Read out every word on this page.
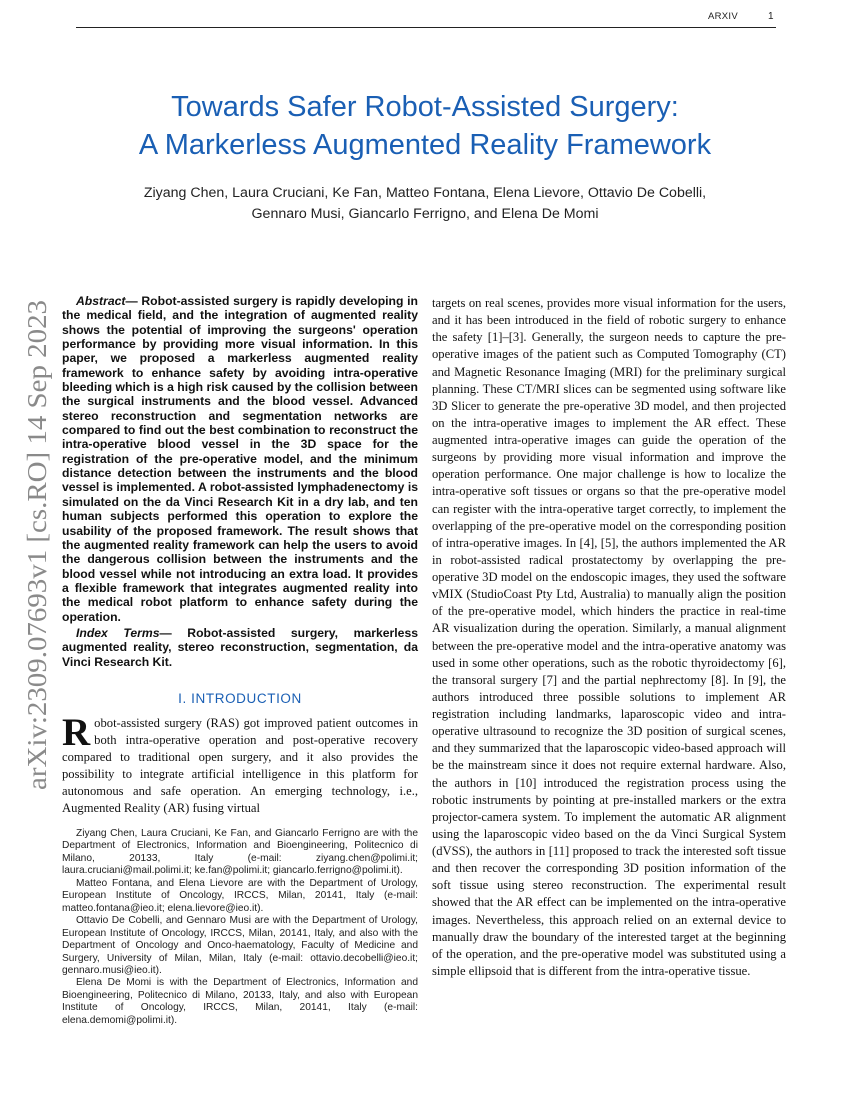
ARXIV	1
arXiv:2309.07693v1 [cs.RO] 14 Sep 2023
Towards Safer Robot-Assisted Surgery:
A Markerless Augmented Reality Framework
Ziyang Chen, Laura Cruciani, Ke Fan, Matteo Fontana, Elena Lievore, Ottavio De Cobelli,
Gennaro Musi, Giancarlo Ferrigno, and Elena De Momi

Abstract— Robot-assisted surgery is rapidly developing in the medical field, and the integration of augmented reality shows the potential of improving the surgeons' operation performance by providing more visual information. In this paper, we proposed a markerless augmented reality framework to enhance safety by avoiding intra-operative bleeding which is a high risk caused by the collision between the surgical instruments and the blood vessel. Advanced stereo reconstruction and segmentation networks are compared to find out the best combination to reconstruct the intra-operative blood vessel in the 3D space for the registration of the pre-operative model, and the minimum distance detection between the instruments and the blood vessel is implemented. A robot-assisted lymphadenectomy is simulated on the da Vinci Research Kit in a dry lab, and ten human subjects performed this operation to explore the usability of the proposed framework. The result shows that the augmented reality framework can help the users to avoid the dangerous collision between the instruments and the blood vessel while not introducing an extra load. It provides a flexible framework that integrates augmented reality into the medical robot platform to enhance safety during the operation.

Index Terms— Robot-assisted surgery, markerless augmented reality, stereo reconstruction, segmentation, da Vinci Research Kit.

I. INTRODUCTION

Robot-assisted surgery (RAS) got improved patient outcomes in both intra-operative operation and post-operative recovery compared to traditional open surgery, and it also provides the possibility to integrate artificial intelligence in this platform for autonomous and safe operation. An emerging technology, i.e., Augmented Reality (AR) fusing virtual

Ziyang Chen, Laura Cruciani, Ke Fan, and Giancarlo Ferrigno are with the Department of Electronics, Information and Bioengineering, Politecnico di Milano, 20133, Italy (e-mail: ziyang.chen@polimi.it; laura.cruciani@mail.polimi.it; ke.fan@polimi.it; giancarlo.ferrigno@polimi.it).

Matteo Fontana, and Elena Lievore are with the Department of Urology, European Institute of Oncology, IRCCS, Milan, 20141, Italy (e-mail: matteo.fontana@ieo.it; elena.lievore@ieo.it).

Ottavio De Cobelli, and Gennaro Musi are with the Department of Urology, European Institute of Oncology, IRCCS, Milan, 20141, Italy, and also with the Department of Oncology and Onco-haematology, Faculty of Medicine and Surgery, University of Milan, Milan, Italy (e-mail: ottavio.decobelli@ieo.it; gennaro.musi@ieo.it).

Elena De Momi is with the Department of Electronics, Information and Bioengineering, Politecnico di Milano, 20133, Italy, and also with European Institute of Oncology, IRCCS, Milan, 20141, Italy (e-mail: elena.demomi@polimi.it).

targets on real scenes, provides more visual information for the users, and it has been introduced in the field of robotic surgery to enhance the safety [1]–[3]. Generally, the surgeon needs to capture the pre-operative images of the patient such as Computed Tomography (CT) and Magnetic Resonance Imaging (MRI) for the preliminary surgical planning. These CT/MRI slices can be segmented using software like 3D Slicer to generate the pre-operative 3D model, and then projected on the intra-operative images to implement the AR effect. These augmented intra-operative images can guide the operation of the surgeons by providing more visual information and improve the operation performance. One major challenge is how to localize the intra-operative soft tissues or organs so that the pre-operative model can register with the intra-operative target correctly, to implement the overlapping of the pre-operative model on the corresponding position of intra-operative images. In [4], [5], the authors implemented the AR in robot-assisted radical prostatectomy by overlapping the pre-operative 3D model on the endoscopic images, they used the software vMIX (StudioCoast Pty Ltd, Australia) to manually align the position of the pre-operative model, which hinders the practice in real-time AR visualization during the operation. Similarly, a manual alignment between the pre-operative model and the intra-operative anatomy was used in some other operations, such as the robotic thyroidectomy [6], the transoral surgery [7] and the partial nephrectomy [8]. In [9], the authors introduced three possible solutions to implement AR registration including landmarks, laparoscopic video and intra-operative ultrasound to recognize the 3D position of surgical scenes, and they summarized that the laparoscopic video-based approach will be the mainstream since it does not require external hardware. Also, the authors in [10] introduced the registration process using the robotic instruments by pointing at pre-installed markers or the extra projector-camera system. To implement the automatic AR alignment using the laparoscopic video based on the da Vinci Surgical System (dVSS), the authors in [11] proposed to track the interested soft tissue and then recover the corresponding 3D position information of the soft tissue using stereo reconstruction. The experimental result showed that the AR effect can be implemented on the intra-operative images. Nevertheless, this approach relied on an external device to manually draw the boundary of the interested target at the beginning of the operation, and the pre-operative model was substituted using a simple ellipsoid that is different from the intra-operative tissue.
